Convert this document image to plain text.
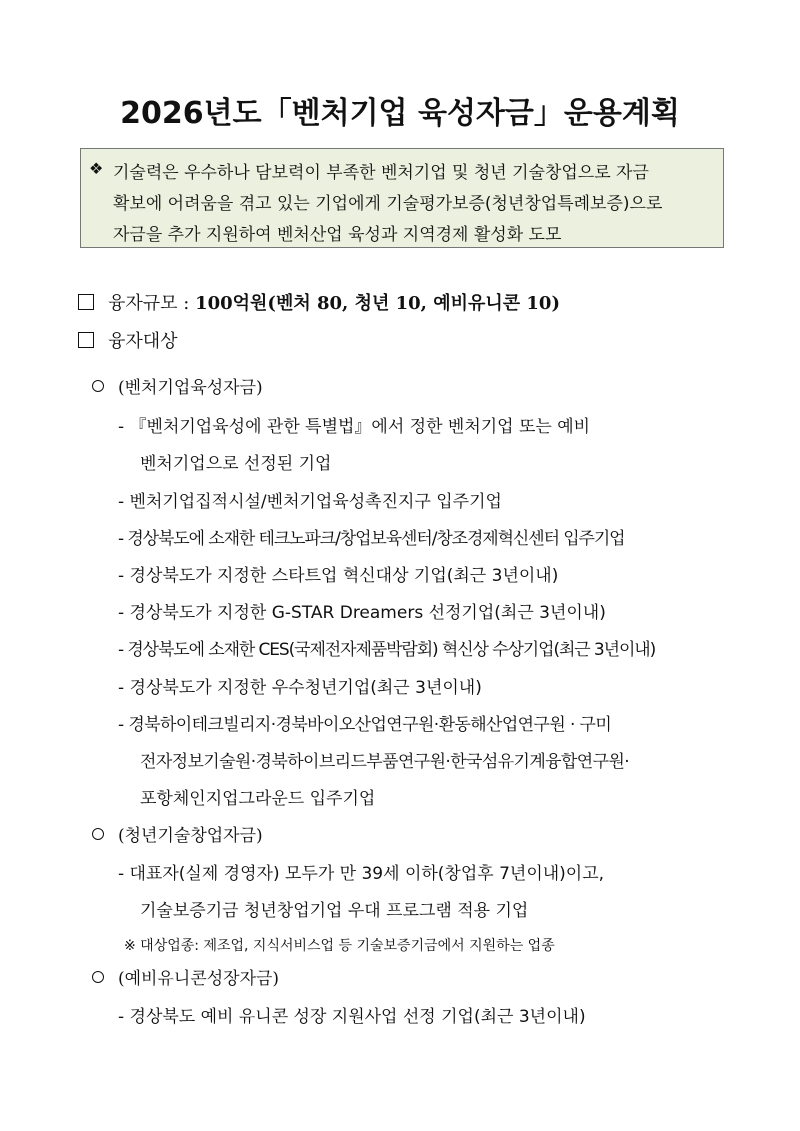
2026년도「벤처기업 육성자금」운용계획
❖ 기술력은 우수하나 담보력이 부족한 벤처기업 및 청년 기술창업으로 자금
확보에 어려움을 겪고 있는 기업에게 기술평가보증(청년창업특례보증)으로
자금을 추가 지원하여 벤처산업 육성과 지역경제 활성화 도모
융자규모 : 100억원(벤처 80, 청년 10, 예비유니콘 10)
융자대상
(벤처기업육성자금)
- 『벤처기업육성에 관한 특별법』에서 정한 벤처기업 또는 예비
벤처기업으로 선정된 기업
- 벤처기업집적시설/벤처기업육성촉진지구 입주기업
- 경상북도에 소재한 테크노파크/창업보육센터/창조경제혁신센터 입주기업
- 경상북도가 지정한 스타트업 혁신대상 기업(최근 3년이내)
- 경상북도가 지정한 G-STAR Dreamers 선정기업(최근 3년이내)
- 경상북도에 소재한 CES(국제전자제품박람회) 혁신상 수상기업(최근 3년이내)
- 경상북도가 지정한 우수청년기업(최근 3년이내)
- 경북하이테크빌리지·경북바이오산업연구원·환동해산업연구원 · 구미
전자정보기술원·경북하이브리드부품연구원·한국섬유기계융합연구원·
포항체인지업그라운드 입주기업
(청년기술창업자금)
- 대표자(실제 경영자) 모두가 만 39세 이하(창업후 7년이내)이고,
기술보증기금 청년창업기업 우대 프로그램 적용 기업
※ 대상업종: 제조업, 지식서비스업 등 기술보증기금에서 지원하는 업종
(예비유니콘성장자금)
- 경상북도 예비 유니콘 성장 지원사업 선정 기업(최근 3년이내)
